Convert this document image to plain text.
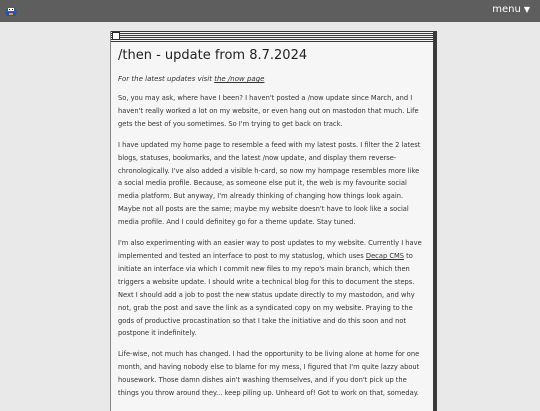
menu ▼
/then - update from 8.7.2024
For the latest updates visit the /now page

So, you may ask, where have I been? I haven't posted a /now update since March, and I haven't really worked a lot on my website, or even hang out on mastodon that much. Life gets the best of you sometimes. So I'm trying to get back on track.

I have updated my home page to resemble a feed with my latest posts. I filter the 2 latest blogs, statuses, bookmarks, and the latest /now update, and display them reverse-chronologically. I've also added a visible h-card, so now my hompage resembles more like a social media profile. Because, as someone else put it, the web is my favourite social media platform. But anyway, I'm already thinking of changing how things look again. Maybe not all posts are the same; maybe my website doesn't have to look like a social media profile. And I could definitey go for a theme update. Stay tuned.

I'm also experimenting with an easier way to post updates to my website. Currently I have implemented and tested an interface to post to my statuslog, which uses Decap CMS to initiate an interface via which I commit new files to my repo's main branch, which then triggers a website update. I should write a technical blog for this to document the steps. Next I should add a job to post the new status update directly to my mastodon, and why not, grab the post and save the link as a syndicated copy on my website. Praying to the gods of productive procastination so that I take the initiative and do this soon and not postpone it indefinitely.

Life-wise, not much has changed. I had the opportunity to be living alone at home for one month, and having nobody else to blame for my mess, I figured that I'm quite lazzy about housework. Those damn dishes ain't washing themselves, and if you don't pick up the things you throw around they... keep piling up. Unheard of! Got to work on that, someday.
